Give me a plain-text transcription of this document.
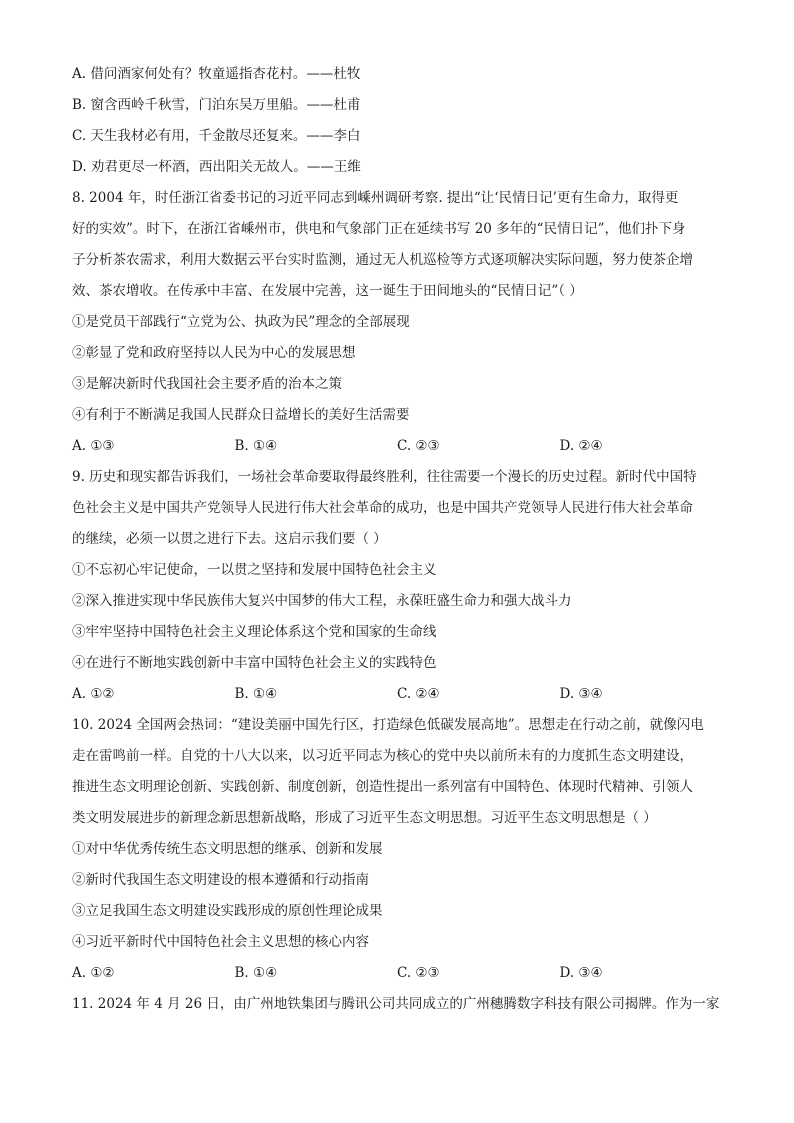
A. 借问酒家何处有？牧童遥指杏花村。——杜牧

B. 窗含西岭千秋雪，门泊东吴万里船。——杜甫

C. 天生我材必有用，千金散尽还复来。——李白

D. 劝君更尽一杯酒，西出阳关无故人。——王维

8. 2004 年，时任浙江省委书记的习近平同志到嵊州调研考察. 提出“让‘民情日记’更有生命力，取得更

好的实效”。时下，在浙江省嵊州市，供电和气象部门正在延续书写 20 多年的“民情日记”，他们扑下身

子分析茶农需求，利用大数据云平台实时监测，通过无人机巡检等方式逐项解决实际问题，努力使茶企增

效、茶农增收。在传承中丰富、在发展中完善，这一诞生于田间地头的“民情日记”（ ）

①是党员干部践行“立党为公、执政为民”理念的全部展现

②彰显了党和政府坚持以人民为中心的发展思想

③是解决新时代我国社会主要矛盾的治本之策

④有利于不断满足我国人民群众日益增长的美好生活需要

A. ①③	B. ①④	C. ②③	D. ②④

9. 历史和现实都告诉我们，一场社会革命要取得最终胜利，往往需要一个漫长的历史过程。新时代中国特

色社会主义是中国共产党领导人民进行伟大社会革命的成功，也是中国共产党领导人民进行伟大社会革命

的继续，必须一以贯之进行下去。这启示我们要（ ）

①不忘初心牢记使命，一以贯之坚持和发展中国特色社会主义

②深入推进实现中华民族伟大复兴中国梦的伟大工程，永葆旺盛生命力和强大战斗力

③牢牢坚持中国特色社会主义理论体系这个党和国家的生命线

④在进行不断地实践创新中丰富中国特色社会主义的实践特色

A. ①②	B. ①④	C. ②④	D. ③④

10. 2024 全国两会热词：“建设美丽中国先行区，打造绿色低碳发展高地”。思想走在行动之前，就像闪电

走在雷鸣前一样。自党的十八大以来，以习近平同志为核心的党中央以前所未有的力度抓生态文明建设，

推进生态文明理论创新、实践创新、制度创新，创造性提出一系列富有中国特色、体现时代精神、引领人

类文明发展进步的新理念新思想新战略，形成了习近平生态文明思想。习近平生态文明思想是（ ）

①对中华优秀传统生态文明思想的继承、创新和发展

②新时代我国生态文明建设的根本遵循和行动指南

③立足我国生态文明建设实践形成的原创性理论成果

④习近平新时代中国特色社会主义思想的核心内容

A. ①②	B. ①④	C. ②③	D. ③④

11. 2024 年 4 月 26 日，由广州地铁集团与腾讯公司共同成立的广州穗腾数字科技有限公司揭牌。作为一家
